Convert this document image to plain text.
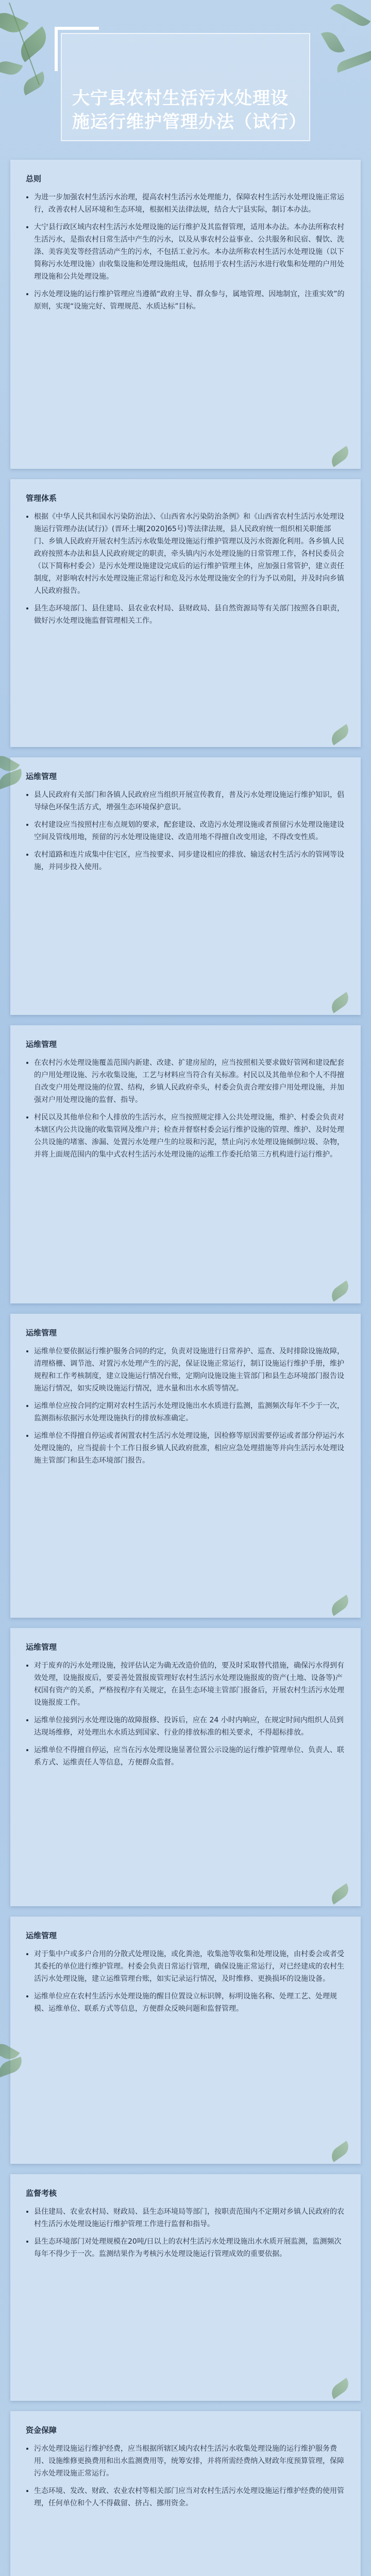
大宁县农村生活污水处理设施运行维护管理办法（试行）
总则
• 为进一步加强农村生活污水治理，提高农村生活污水处理能力，保障农村生活污水处理设施正常运行，改善农村人居环境和生态环境，根据相关法律法规，结合大宁县实际，制订本办法。
• 大宁县行政区域内农村生活污水处理设施的运行维护及其监督管理，适用本办法。本办法所称农村生活污水，是指农村日常生活中产生的污水，以及从事农村公益事业、公共服务和民宿、餐饮、洗涤、美容美发等经营活动产生的污水，不包括工业污水。本办法所称农村生活污水处理设施（以下简称污水处理设施）由收集设施和处理设施组成，包括用于农村生活污水进行收集和处理的户用处理设施和公共处理设施。
• 污水处理设施的运行维护管理应当遵循“政府主导、群众参与，属地管理、因地制宜，注重实效”的原则，实现“设施完好、管理规范、水质达标”目标。
管理体系
• 根据《中华人民共和国水污染防治法》、《山西省水污染防治条例》和《山西省农村生活污水处理设施运行管理办法(试行)》(晋环土壤[2020]65号)等法律法规，县人民政府统一组织相关职能部门、乡镇人民政府开展农村生活污水收集处理设施运行维护管理以及污水资源化利用。各乡镇人民政府按照本办法和县人民政府规定的职责，牵头镇内污水处理设施的日常管理工作，各村民委员会（以下简称村委会）是污水处理设施建设完成后的运行维护管理主体，应加强日常管护，建立责任制度，对影响农村污水处理设施正常运行和危及污水处理设施安全的行为予以劝阻，并及时向乡镇人民政府报告。
• 县生态环境部门、县住建局、县农业农村局、县财政局、县自然资源局等有关部门按照各自职责，做好污水处理设施监督管理相关工作。
运维管理
• 县人民政府有关部门和各镇人民政府应当组织开展宣传教育，普及污水处理设施运行维护知识，倡导绿色环保生活方式，增强生态环境保护意识。
• 农村建设应当按照村庄布点规划的要求，配套建设、改造污水处理设施或者预留污水处理设施建设空间及管线用地，预留的污水处理设施建设、改造用地不得擅自改变用途，不得改变性质。
• 农村道路和连片成集中住宅区，应当按要求、同步建设相应的排放、输送农村生活污水的管网等设施，并同步投入使用。
运维管理
• 在农村污水处理设施覆盖范围内新建、改建、扩建房屋的，应当按照相关要求做好管网和建设配套的户用处理设施、污水收集设施，工艺与材料应当符合有关标准。村民以及其他单位和个人不得擅自改变户用处理设施的位置、结构，乡镇人民政府牵头，村委会负责合理安排户用处理设施，并加强对户用处理设施的监督、指导。
• 村民以及其他单位和个人排放的生活污水，应当按照规定排入公共处理设施，维护、村委会负责对本辖区内公共设施的收集管网及维户并；检查并督察村委会运行维护设施的管理、维护、及时处理公共设施的堵塞、渗漏、处置污水处理户生的垃圾和污泥，禁止向污水处理设施倾倒垃圾、杂物，并将上面规范围内的集中式农村生活污水处理设施的运维工作委托给第三方机构进行运行维护。
运维管理
• 运维单位要依据运行维护服务合同的约定，负责对设施进行日常养护、巡查、及时排除设施故障，清理格栅、调节池、对置污水处理产生的污泥，保证设施正常运行，制订设施运行维护手册，维护规程和工作考核制度，建立设施运行情况台账，定期向设施设施主管部门和县生态环境部门报告设施运行情况，如实反映设施运行情况，进水量和出水水质等情况。
• 运维单位应按合同约定期对农村生活污水处理设施出水水质进行监测，监测频次每年不少于一次，监测指标依据污水处理设施执行的排放标准确定。
• 运维单位不得擅自停运或者闲置农村生活污水处理设施，因检修等原因需要停运或者部分停运污水处理设施的，应当提前十个工作日报乡镇人民政府批准，相应应急处理措施等并向生活污水处理设施主管部门和县生态环境部门报告。
运维管理
• 对于废弃的污水处理设施，按评估认定为确无改造价值的，要及时采取替代措施，确保污水得到有效处理，设施报废后，要妥善处置报废管理好农村生活污水处理设施报废的资产(土地、设备等)产权国有资产的关系，严格按程序有关规定，在县生态环境主管部门报备后，开展农村生活污水处理设施报废工作。
• 运维单位接到污水处理设施的故障报修、投诉后，应在 24 小时内响应，在规定时间内组织人员到达现场维修，对处理出水水质达到国家、行业的排放标准的相关要求，不得超标排放。
• 运维单位不得擅自停运，应当在污水处理设施显著位置公示设施的运行维护管理单位、负责人、联系方式、运维责任人等信息，方便群众监督。
运维管理
• 对于集中户或多户合用的分散式处理设施，或化粪池，收集池等收集和处理设施，由村委会或者受其委托的单位进行维护管理。村委会负责日常运行管理，确保设施正常运行，对已经建成的农村生活污水处理设施，建立运维管理台账，如实记录运行情况，及时维修、更换损坏的设施设备。
• 运维单位应在农村生活污水处理设施的醒目位置设立标识牌，标明设施名称、处理工艺、处理规模、运维单位、联系方式等信息，方便群众反映问题和监督管理。
监督考核
• 县住建局、农业农村局、财政局、县生态环境局等部门，按职责范围内不定期对乡镇人民政府的农村生活污水处理设施运行维护管理工作进行监督和指导。
• 县生态环境部门对处理规模在20吨/日以上的农村生活污水处理设施出水水质开展监测，监测频次每年不得少于一次。监测结果作为考核污水处理设施运行管理成效的重要依据。
资金保障
• 污水处理设施运行维护经费，应当根据所辖区域内农村生活污水收集处理设施的运行维护服务费用、设施维修更换费用和出水监测费用等，统筹安排，并将所需经费纳入财政年度预算管理，保障污水处理设施正常运行。
• 生态环境、发改、财政、农业农村等相关部门应当对农村生活污水处理设施运行维护经费的使用管理，任何单位和个人不得截留、挤占、挪用资金。
